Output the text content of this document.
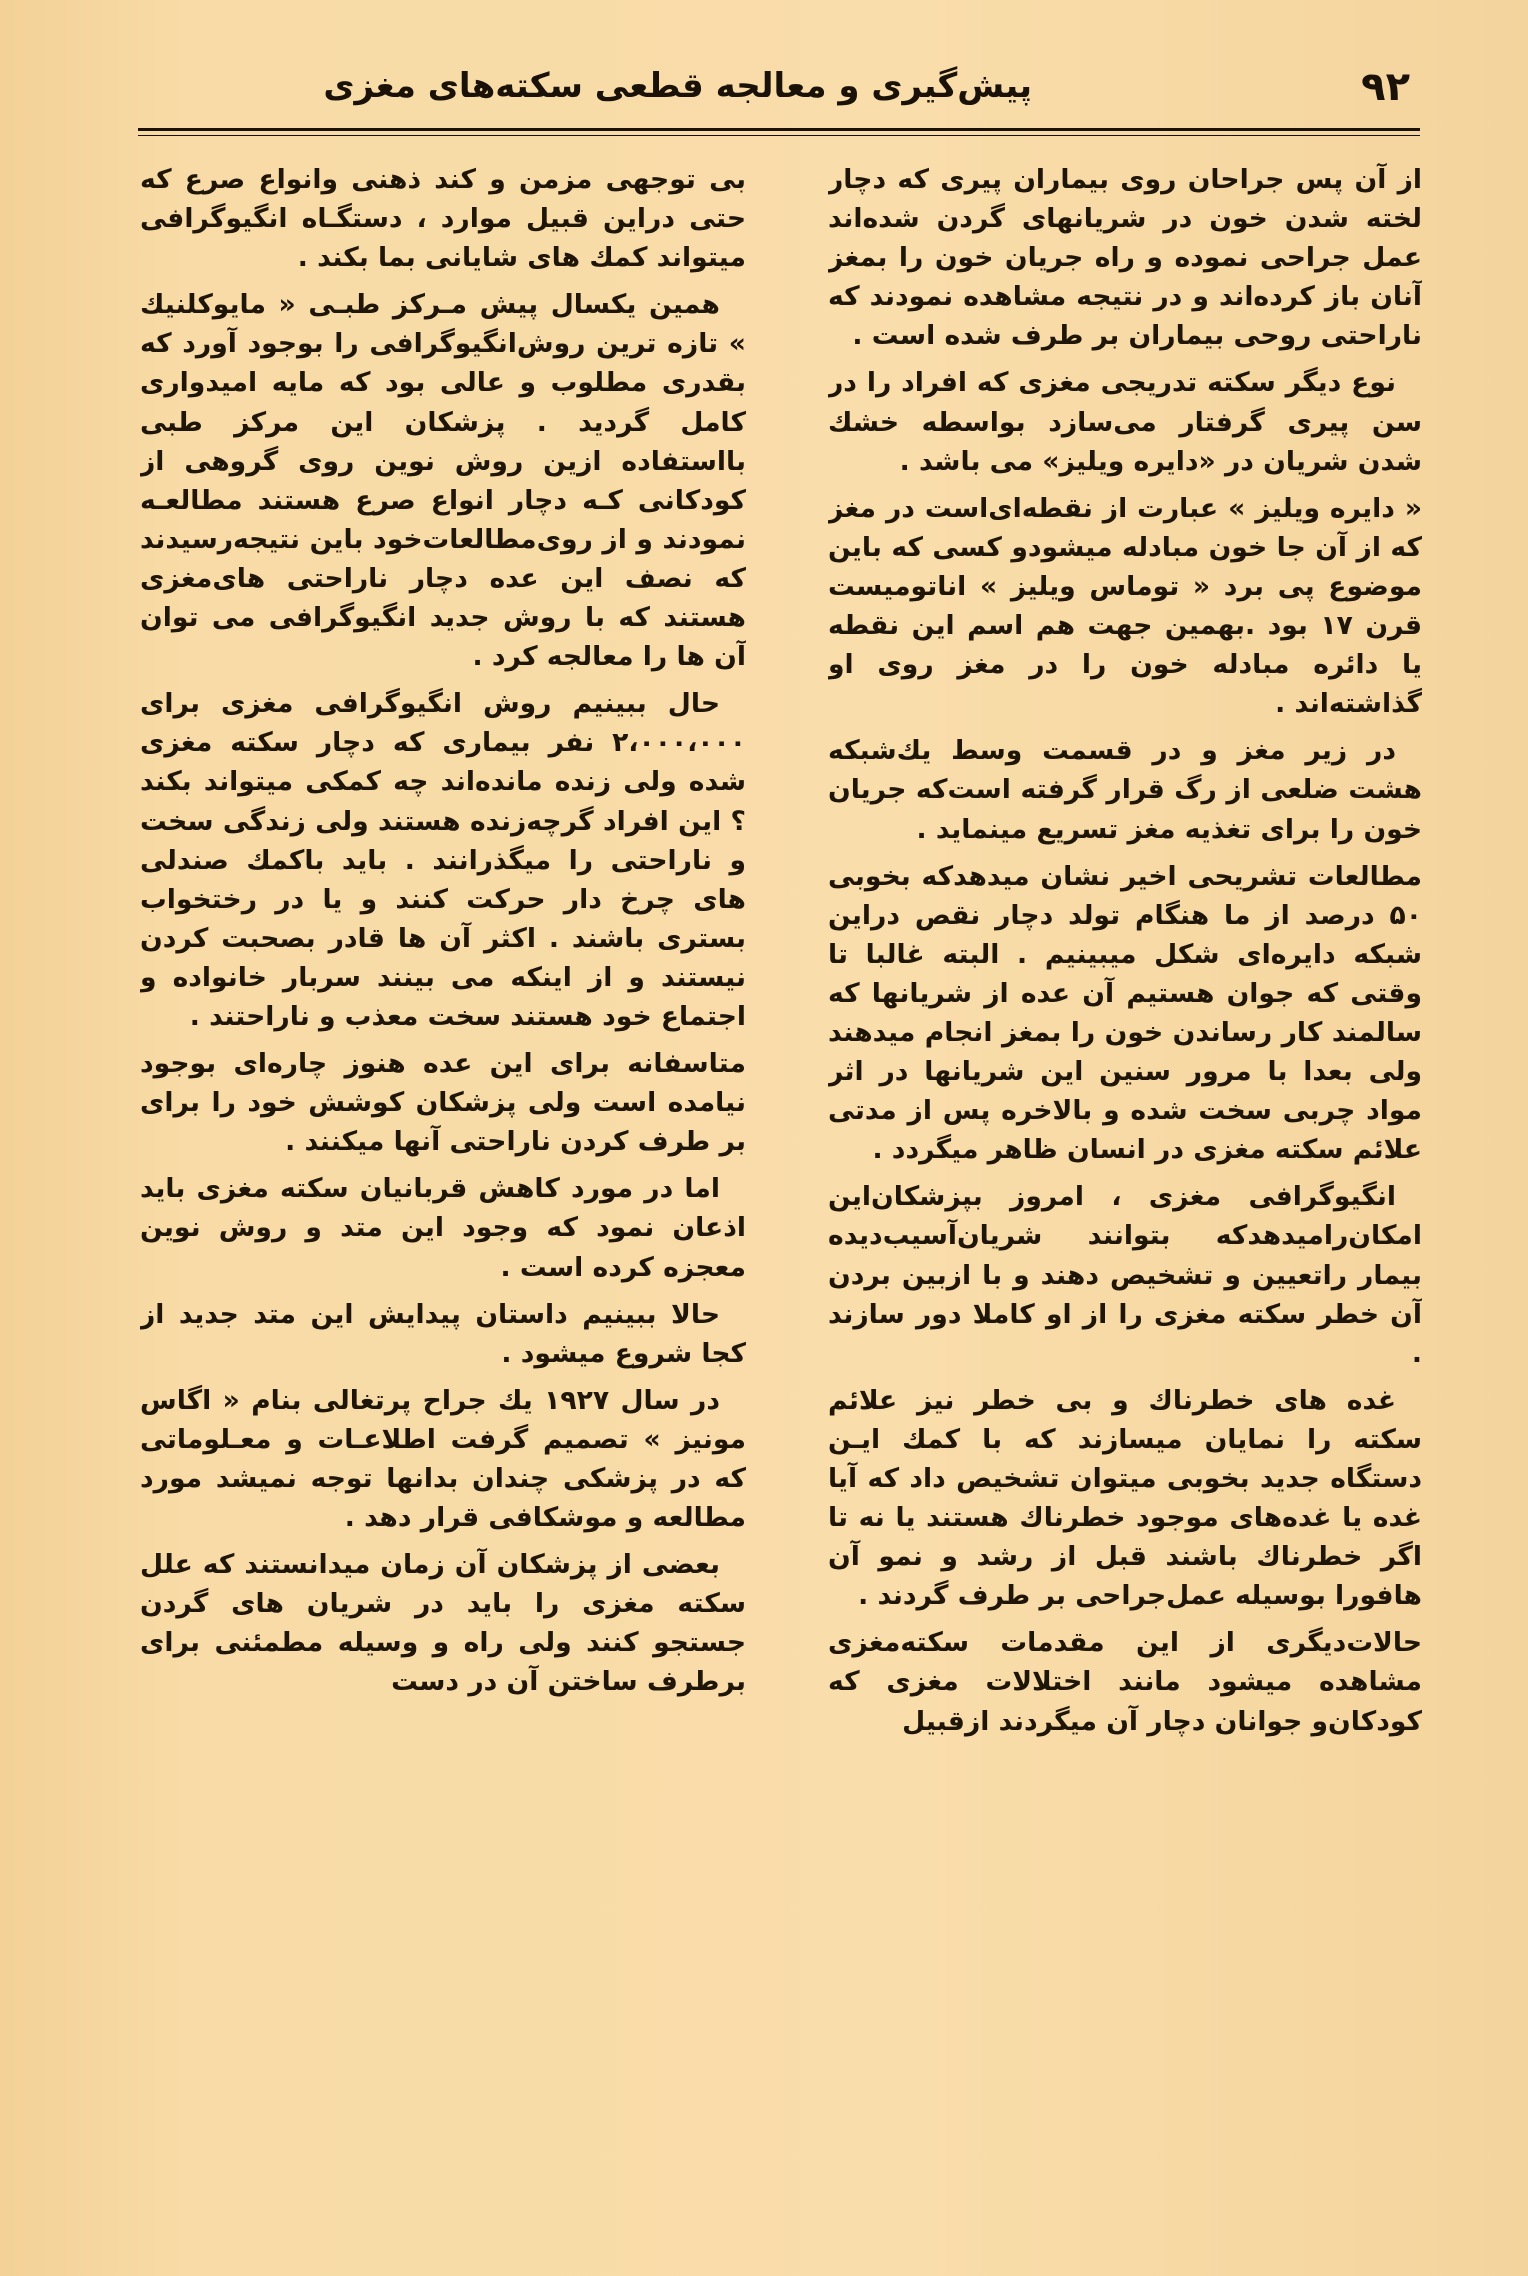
۹۲
پیش‌گیری و معالجه قطعی سکته‌های مغزی

از آن پس جراحان روی بیماران پیری که دچار لخته شدن خون در شریانهای گردن شده‌اند عمل جراحی نموده و راه جریان خون را بمغز آنان باز کرده‌اند و در نتیجه مشاهده نمودند که ناراحتی روحی بیماران بر طرف شده است .

نوع دیگر سکته تدریجی مغزی که افراد را در سن پیری گرفتار می‌سازد بواسطه خشك شدن شریان در «دایره ویلیز» می باشد .

« دایره ویلیز » عبارت از نقطه‌ای‌است در مغز که از آن جا خون مبادله میشودو کسی که باین موضوع پی برد « توماس ویلیز » اناتومیست قرن ۱۷ بود .بهمین جهت هم اسم این نقطه یا دائره مبادله خون را در مغز روی او گذاشته‌اند .

در زیر مغز و در قسمت وسط یك‌شبکه هشت ضلعی از رگ قرار گرفته است‌که جریان خون را برای تغذیه مغز تسریع مینماید .

مطالعات تشریحی اخیر نشان میدهدکه بخوبی ۵۰ درصد از ما هنگام تولد دچار نقص دراین شبکه دایره‌ای شکل میبینیم . البته غالبا تا وقتی که جوان هستیم آن عده از شریانها که سالمند کار رساندن خون را بمغز انجام میدهند ولی بعدا با مرور سنین این شریانها در اثر مواد چربی سخت شده و بالاخره پس از مدتی علائم سکته مغزی در انسان ظاهر میگردد .

انگیوگرافی مغزی ، امروز بپزشکان‌این امکان‌رامیدهدکه بتوانند شریان‌آسیب‌دیده بیمار راتعیین و تشخیص دهند و با ازبین بردن آن خطر سکته مغزی را از او کاملا دور سازند .

غده های خطرناك و بی خطر نیز علائم سکته را نمایان میسازند که با کمك ایـن دستگاه جدید بخوبی میتوان تشخیص داد که آیا غده یا غده‌های موجود خطرناك هستند یا نه تا اگر خطرناك باشند قبل از رشد و نمو آن هافورا بوسیله عمل‌جراحی بر طرف گردند .

حالات‌دیگری از این مقدمات سکته‌مغزی مشاهده میشود مانند اختلالات مغزی که کودکان‌و جوانان دچار آن میگردند ازقبیل

بی توجهی مزمن و کند ذهنی وانواع صرع که حتی دراین قبیل موارد ، دستگـاه انگیوگرافی میتواند کمك های شایانی بما بکند .

همین یکسال پیش مـرکز طبـی « مایوکلنیك » تازه ترین روش‌انگیوگرافی را بوجود آورد که بقدری مطلوب و عالی بود که مایه امیدواری کامل گردید . پزشکان این مرکز طبی بااستفاده ازین روش نوین روی گروهی از کودکانی کـه دچار انواع صرع هستند مطالعـه نمودند و از روی‌مطالعات‌خود باین نتیجه‌رسیدند که نصف این عده دچار ناراحتی های‌مغزی هستند که با روش جدید انگیوگرافی می توان آن ها را معالجه کرد .

حال ببینیم روش انگیوگرافی مغزی برای ۲،۰۰۰،۰۰۰ نفر بیماری که دچار سکته مغزی شده ولی زنده مانده‌اند چه کمکی میتواند بکند ؟ این افراد گرچه‌زنده هستند ولی زندگی سخت و ناراحتی را میگذرانند . باید باکمك صندلی های چرخ دار حرکت کنند و یا در رختخواب بستری باشند . اکثر آن ها قادر بصحبت کردن نیستند و از اینکه می بینند سربار خانواده و اجتماع خود هستند سخت معذب و ناراحتند .

متاسفانه برای این عده هنوز چاره‌ای بوجود نیامده است ولی پزشکان کوشش خود را برای بر طرف کردن ناراحتی آنها میکنند .

اما در مورد کاهش قربانیان سکته مغزی باید اذعان نمود که وجود این متد و روش نوین معجزه کرده است .

حالا ببینیم داستان پیدایش این متد جدید از کجا شروع میشود .

در سال ۱۹۲۷ یك جراح پرتغالی بنام « اگاس مونیز » تصمیم گرفت اطلاعـات و معـلوماتی که در پزشکی چندان بدانها توجه نمیشد مورد مطالعه و موشکافی قرار دهد .

بعضی از پزشکان آن زمان میدانستند که علل سکته مغزی را باید در شریان های گردن جستجو کنند ولی راه و وسیله مطمئنی برای برطرف ساختن آن در دست
